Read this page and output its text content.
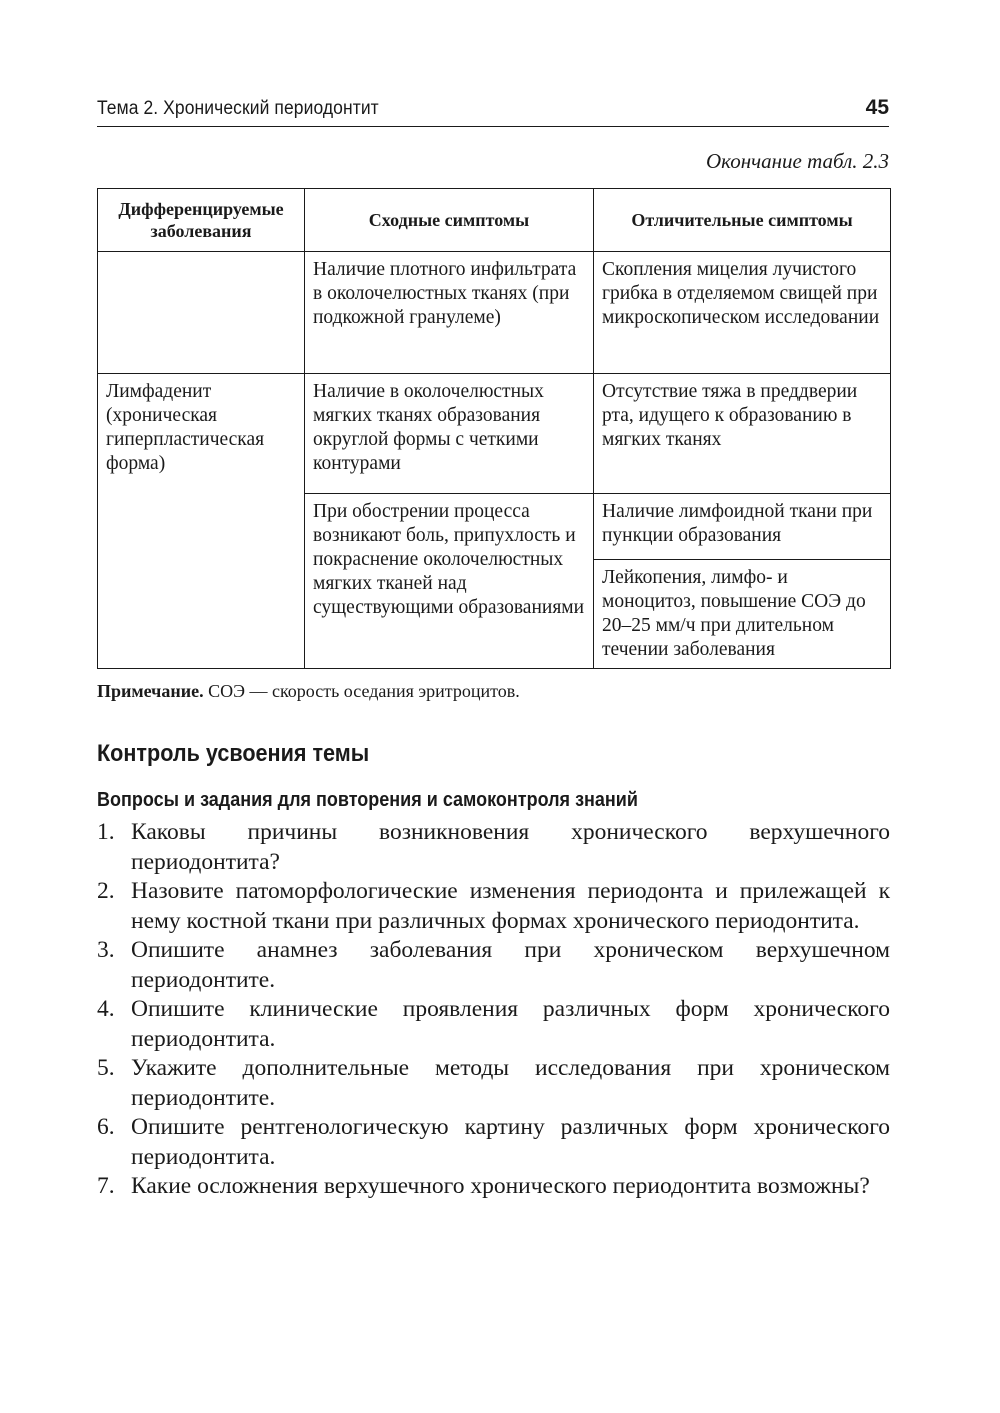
Тема 2. Хронический периодонтит	45
Окончание табл. 2.3
Дифференцируемые заболевания	Сходные симптомы	Отличительные симптомы
	Наличие плотного инфильтрата в околочелюстных тканях (при подкожной гранулеме)	Скопления мицелия лучистого грибка в отделяемом свищей при микроскопическом исследовании
Лимфаденит (хроническая гиперпластическая форма)	Наличие в околочелюстных мягких тканях образования округлой формы с четкими контурами	Отсутствие тяжа в преддверии рта, идущего к образованию в мягких тканях
	При обострении процесса возникают боль, припухлость и покраснение околочелюстных мягких тканей над существующими образованиями	Наличие лимфоидной ткани при пункции образования
		Лейкопения, лимфо- и моноцитоз, повышение СОЭ до 20–25 мм/ч при длительном течении заболевания
Примечание. СОЭ — скорость оседания эритроцитов.
Контроль усвоения темы
Вопросы и задания для повторения и самоконтроля знаний
1. Каковы причины возникновения хронического верхушечного периодонтита?
2. Назовите патоморфологические изменения периодонта и прилежащей к нему костной ткани при различных формах хронического периодонтита.
3. Опишите анамнез заболевания при хроническом верхушечном периодонтите.
4. Опишите клинические проявления различных форм хронического периодонтита.
5. Укажите дополнительные методы исследования при хроническом периодонтите.
6. Опишите рентгенологическую картину различных форм хронического периодонтита.
7. Какие осложнения верхушечного хронического периодонтита возможны?
